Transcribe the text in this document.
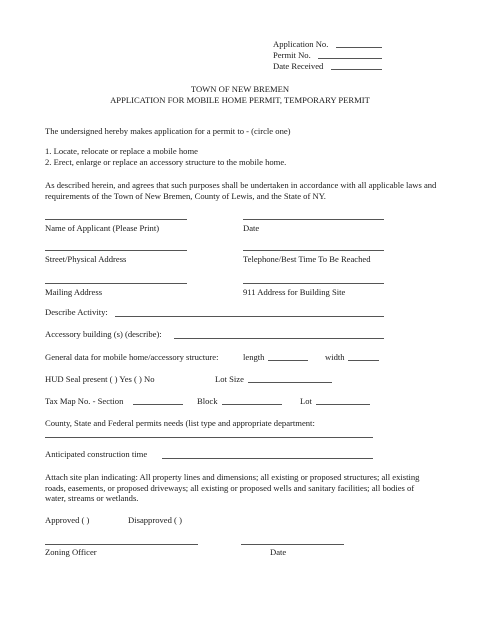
Application No.
Permit No.
Date Received
TOWN OF NEW BREMEN
APPLICATION FOR MOBILE HOME PERMIT, TEMPORARY PERMIT
The undersigned hereby makes application for a permit to - (circle one)
1. Locate, relocate or replace a mobile home
2. Erect, enlarge or replace an accessory structure to the mobile home.
As described herein, and agrees that such purposes shall be undertaken in accordance with all applicable laws and requirements of the Town of New Bremen, County of Lewis, and the State of NY.
Name of Applicant (Please Print)	Date
Street/Physical Address	Telephone/Best Time To Be Reached
Mailing Address	911 Address for Building Site
Describe Activity:
Accessory building (s) (describe):
General data for mobile home/accessory structure:	length	width
HUD Seal present ( ) Yes ( ) No	Lot Size
Tax Map No. - Section	Block	Lot
County, State and Federal permits needs (list type and appropriate department:
Anticipated construction time
Attach site plan indicating: All property lines and dimensions; all existing or proposed structures; all existing roads, easements, or proposed driveways; all existing or proposed wells and sanitary facilities; all bodies of water, streams or wetlands.
Approved ( )	Disapproved ( )
Zoning Officer	Date
